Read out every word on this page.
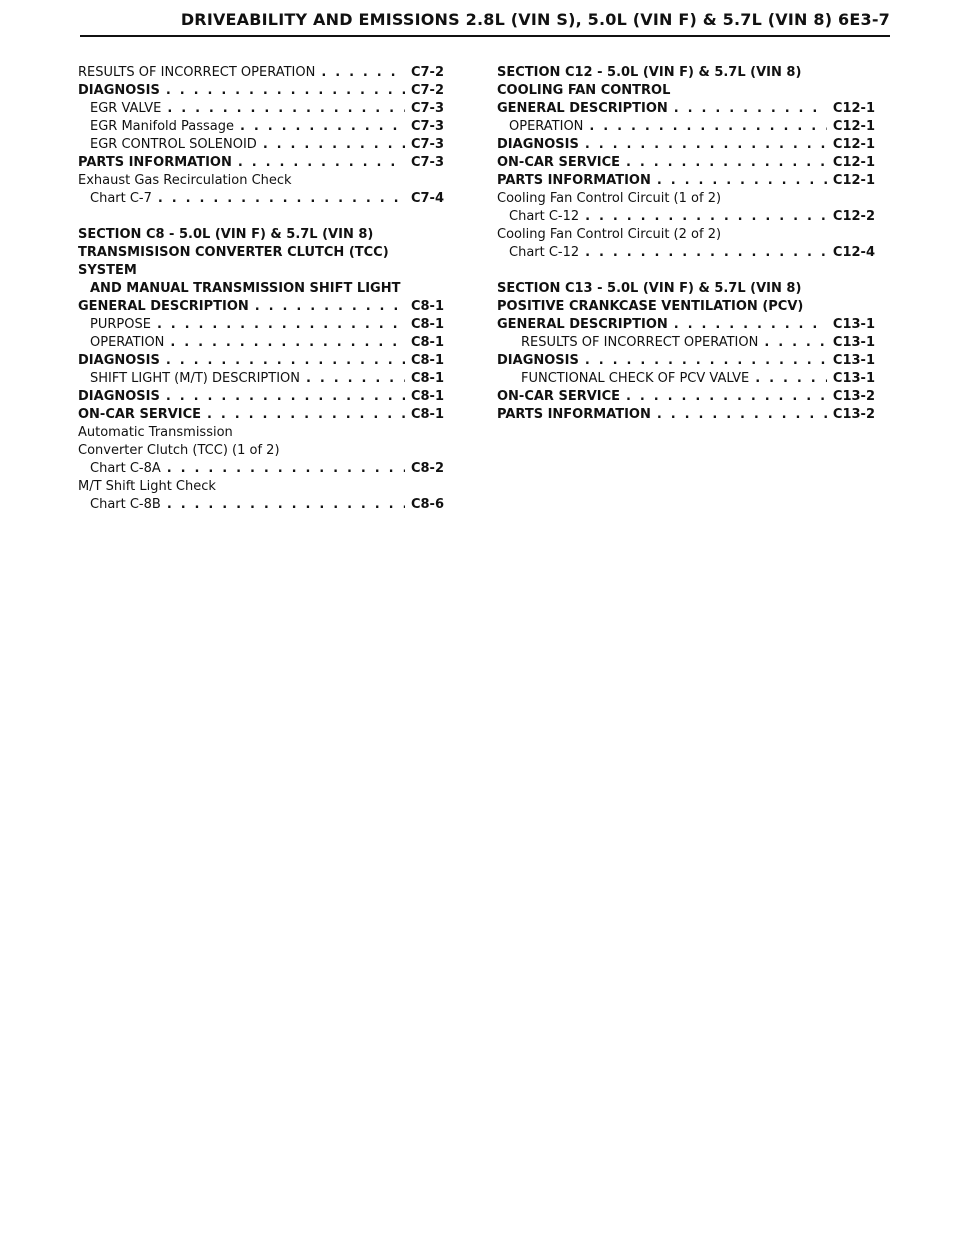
DRIVEABILITY AND EMISSIONS 2.8L (VIN S), 5.0L (VIN F) & 5.7L (VIN 8) 6E3-7
RESULTS OF INCORRECT OPERATION . . .	C7-2
DIAGNOSIS . . .	C7-2
EGR VALVE . . .	C7-3
EGR Manifold Passage . . .	C7-3
EGR CONTROL SOLENOID . . .	C7-3
PARTS INFORMATION . . .	C7-3
Exhaust Gas Recirculation Check
Chart C-7 . . .	C7-4
SECTION C8 - 5.0L (VIN F) & 5.7L (VIN 8)
TRANSMISISON CONVERTER CLUTCH (TCC) SYSTEM
AND MANUAL TRANSMISSION SHIFT LIGHT
GENERAL DESCRIPTION . . .	C8-1
PURPOSE . . .	C8-1
OPERATION . . .	C8-1
DIAGNOSIS . . .	C8-1
SHIFT LIGHT (M/T) DESCRIPTION . . .	C8-1
DIAGNOSIS . . .	C8-1
ON-CAR SERVICE . . .	C8-1
Automatic Transmission
Converter Clutch (TCC) (1 of 2)
Chart C-8A . . .	C8-2
M/T Shift Light Check
Chart C-8B . . .	C8-6
SECTION C12 - 5.0L (VIN F) & 5.7L (VIN 8)
COOLING FAN CONTROL
GENERAL DESCRIPTION . . .	C12-1
OPERATION . . .	C12-1
DIAGNOSIS . . .	C12-1
ON-CAR SERVICE . . .	C12-1
PARTS INFORMATION . . .	C12-1
Cooling Fan Control Circuit (1 of 2)
Chart C-12 . . .	C12-2
Cooling Fan Control Circuit (2 of 2)
Chart C-12 . . .	C12-4
SECTION C13 - 5.0L (VIN F) & 5.7L (VIN 8)
POSITIVE CRANKCASE VENTILATION (PCV)
GENERAL DESCRIPTION . . .	C13-1
RESULTS OF INCORRECT OPERATION . . .	C13-1
DIAGNOSIS . . .	C13-1
FUNCTIONAL CHECK OF PCV VALVE . . .	C13-1
ON-CAR SERVICE . . .	C13-2
PARTS INFORMATION . . .	C13-2
